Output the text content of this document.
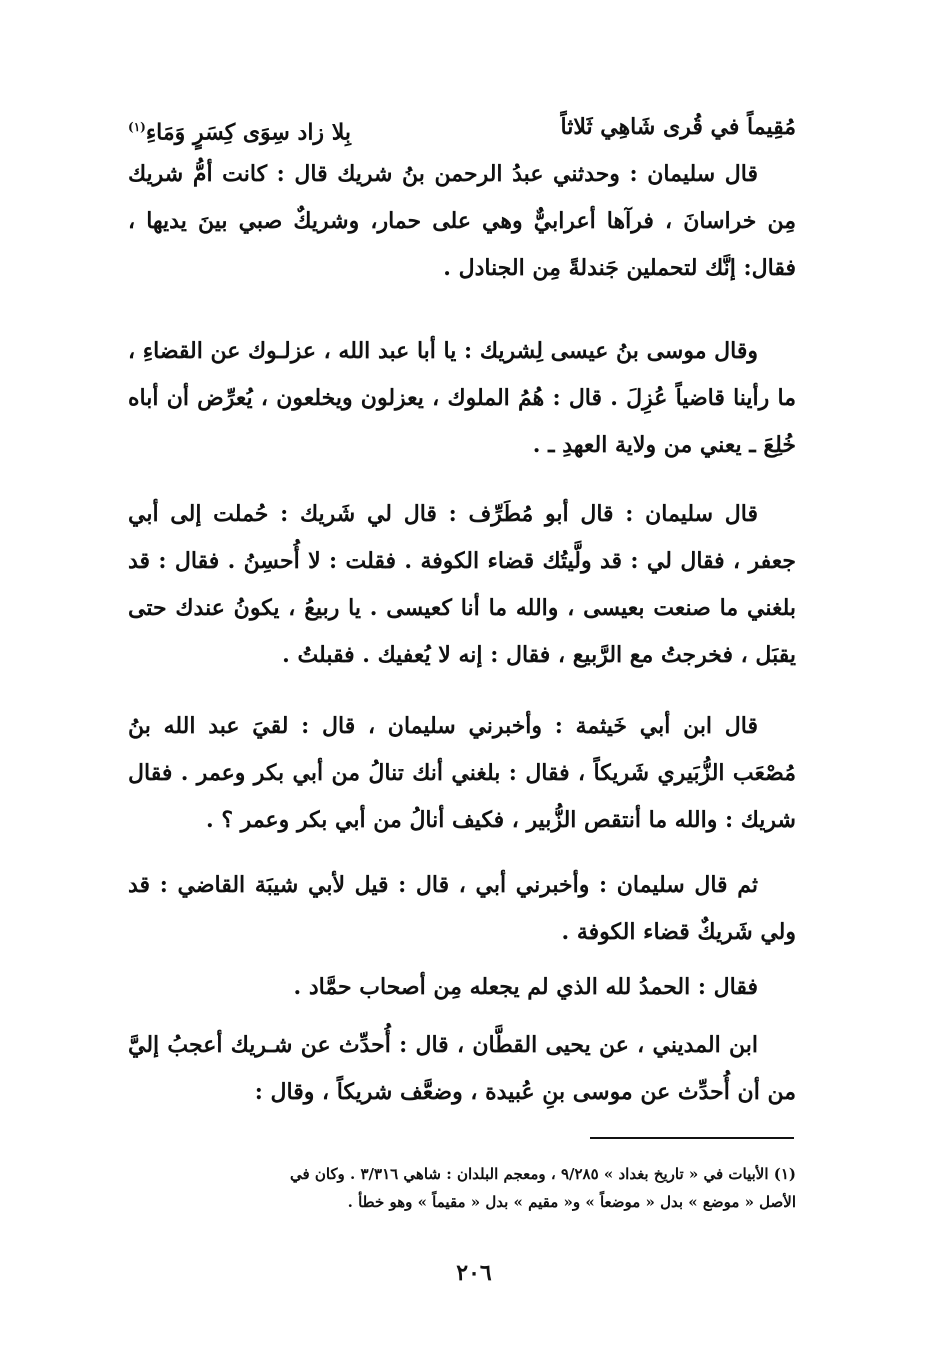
مُقِيماً في قُرى شَاهِي ثَلاثاً
بِلا زاد سِوَى كِسَرٍ وَمَاءِ$^{(١)}$

قال سليمان : وحدثني عبدُ الرحمن بنُ شريك قال : كانت أمُّ شريك مِن خراسانَ ، فرآها أعرابيٌّ وهي على حمار، وشريكٌ صبي بينَ يديها ، فقال: إنَّك لتحملين جَندلةً مِن الجنادل .

وقال موسى بنُ عيسى لِشريك : يا أبا عبد الله ، عزلـوك عن القضاءِ ، ما رأينا قاضياً عُزِلَ . قال : هُمُ الملوك ، يعزلون ويخلعون ، يُعرِّض أن أباه خُلِعَ ـ يعني من ولاية العهدِ ـ .

قال سليمان : قال أبو مُطَرِّف : قال لي شَريك : حُملت إلى أبي جعفر ، فقال لي : قد ولَّيتُك قضاء الكوفة . فقلت : لا أُحسِنُ . فقال : قد بلغني ما صنعت بعيسى ، والله ما أنا كعيسى . يا ربيعُ ، يكونُ عندك حتى يقبَل ، فخرجتُ مع الرَّبيع ، فقال : إنه لا يُعفيك . فقبلتُ .

قال ابن أبي خَيثمة : وأخبرني سليمان ، قال : لقيَ عبد الله بنُ مُصْعَب الزُّبَيري شَريكاً ، فقال : بلغني أنك تنالُ من أبي بكر وعمر . فقال شريك : والله ما أنتقص الزُّبير ، فكيف أنالُ من أبي بكر وعمر ؟ .

ثم قال سليمان : وأخبرني أبي ، قال : قيل لأبي شيبَة القاضي : قد ولي شَريكٌ قضاء الكوفة .

فقال : الحمدُ لله الذي لم يجعله مِن أصحاب حمَّاد .

ابن المديني ، عن يحيى القطَّان ، قال : أُحدِّث عن شـريك أعجبُ إليَّ من أن أُحدِّث عن موسى بنِ عُبيدة ، وضعَّف شريكاً ، وقال :

(١) الأبيات في « تاريخ بغداد » ٩/٢٨٥ ، ومعجم البلدان : شاهي ٣/٣١٦ . وكان في

الأصل « موضع » بدل « موضعاً » و« مقيم » بدل « مقيماً » وهو خطأ .

٢٠٦
